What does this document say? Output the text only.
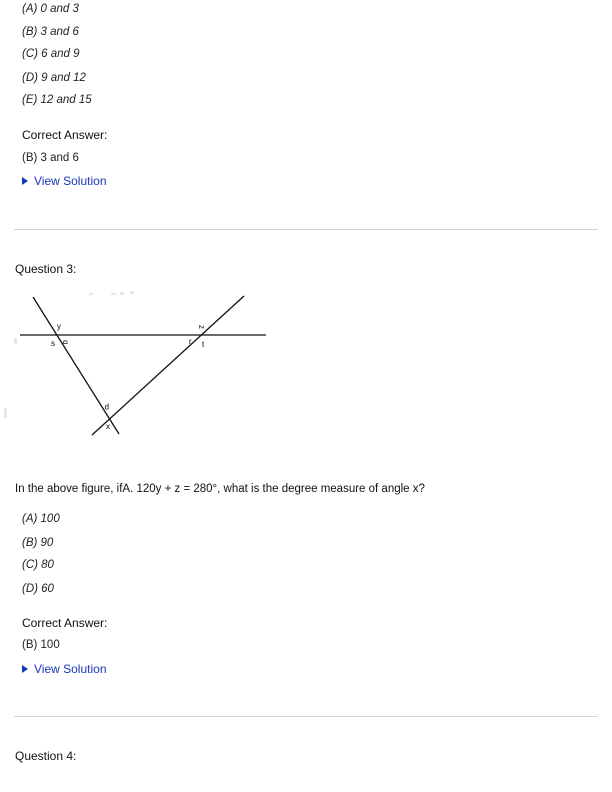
(A) 0 and 3
(B) 3 and 6
(C) 6 and 9
(D) 9 and 12
(E) 12 and 15
Correct Answer:
(B) 3 and 6
View Solution
Question 3:
y
s q
z
r t
p
x
In the above figure, ifA. 120y + z = 280°, what is the degree measure of angle x?
(A) 100
(B) 90
(C) 80
(D) 60
Correct Answer:
(B) 100
View Solution
Question 4:
